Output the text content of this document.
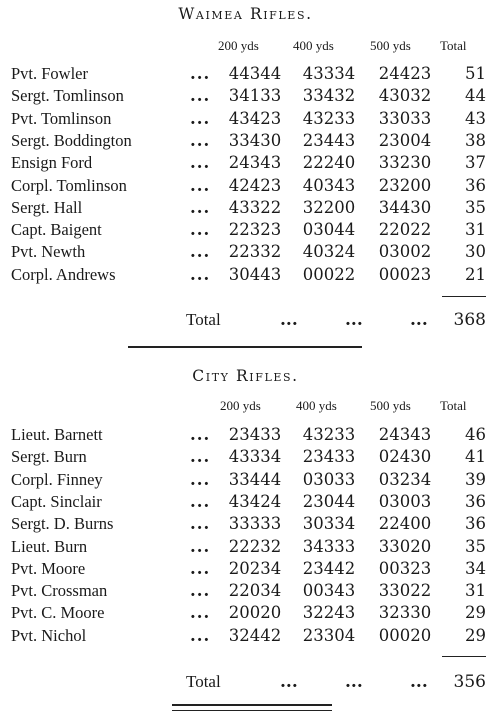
Waimea Rifles.
200 yds	400 yds	500 yds Total
Pvt. Fowler	...	44344	43334	24423	51
Sergt. Tomlinson	...	34133	33432	43032	44
Pvt. Tomlinson	...	43423	43233	33033	43
Sergt. Boddington	...	33430	23443	23004	38
Ensign Ford	...	24343	22240	33230	37
Corpl. Tomlinson	...	42423	40343	23200	36
Sergt. Hall	...	43322	32200	34430	35
Capt. Baigent	...	22323	03044	22022	31
Pvt. Newth	...	22332	40324	03002	30
Corpl. Andrews	...	30443	00022	00023	21
Total	...	...	...	368
City Rifles.
200 yds	400 yds	500 yds Total
Lieut. Barnett	...	23433	43233	24343	46
Sergt. Burn	...	43334	23433	02430	41
Corpl. Finney	...	33444	03033	03234	39
Capt. Sinclair	...	43424	23044	03003	36
Sergt. D. Burns	...	33333	30334	22400	36
Lieut. Burn	...	22232	34333	33020	35
Pvt. Moore	...	20234	23442	00323	34
Pvt. Crossman	...	22034	00343	33022	31
Pvt. C. Moore	...	20020	32243	32330	29
Pvt. Nichol	...	32442	23304	00020	29
Total	...	...	...	356
